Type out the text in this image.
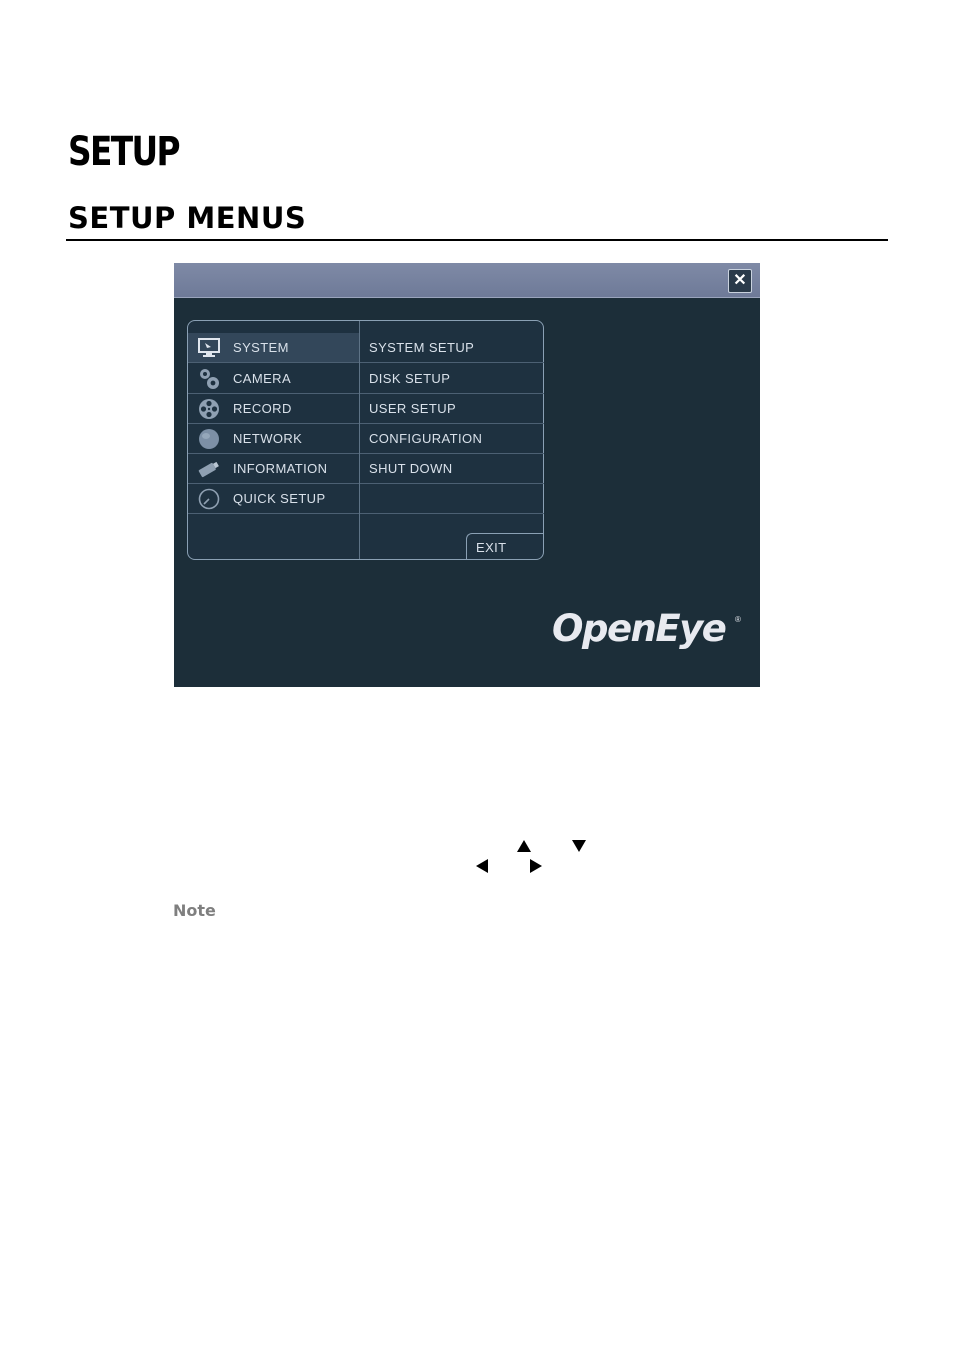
SETUP
SETUP MENUS
✕
SYSTEM
CAMERA
RECORD
NETWORK
INFORMATION
QUICK SETUP
SYSTEM SETUP
DISK SETUP
USER SETUP
CONFIGURATION
SHUT DOWN
EXIT
OpenEye ®
Note
